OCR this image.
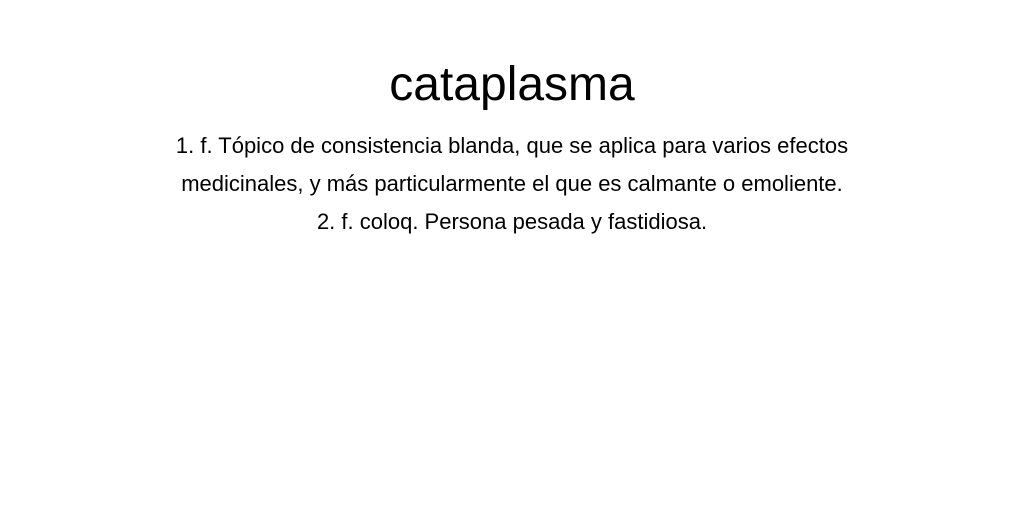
cataplasma
1. f. Tópico de consistencia blanda, que se aplica para varios efectos
medicinales, y más particularmente el que es calmante o emoliente.
2. f. coloq. Persona pesada y fastidiosa.
